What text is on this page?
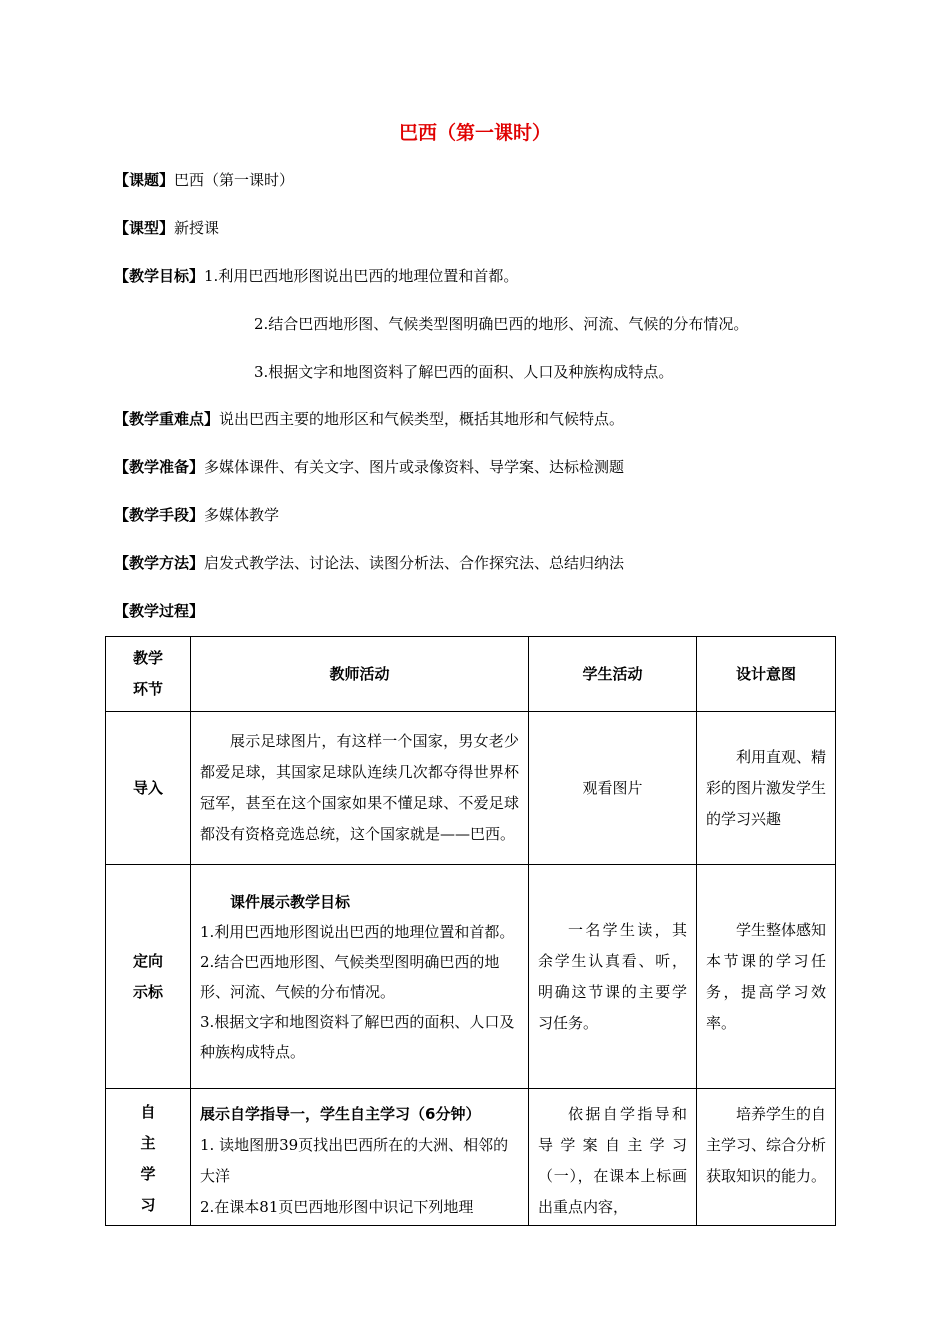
巴西（第一课时）
【课题】巴西（第一课时）
【课型】新授课
【教学目标】1.利用巴西地形图说出巴西的地理位置和首都。
2.结合巴西地形图、气候类型图明确巴西的地形、河流、气候的分布情况。
3.根据文字和地图资料了解巴西的面积、人口及种族构成特点。
【教学重难点】说出巴西主要的地形区和气候类型，概括其地形和气候特点。
【教学准备】多媒体课件、有关文字、图片或录像资料、导学案、达标检测题
【教学手段】多媒体教学
【教学方法】启发式教学法、讨论法、读图分析法、合作探究法、总结归纳法
【教学过程】
教学
环节	教师活动	学生活动	设计意图
导入	展示足球图片，有这样一个国家，男女老少都爱足球，其国家足球队连续几次都夺得世界杯冠军，甚至在这个国家如果不懂足球、不爱足球都没有资格竞选总统，这个国家就是——巴西。	观看图片	利用直观、精彩的图片激发学生的学习兴趣

定向
示标	课件展示教学目标
1.利用巴西地形图说出巴西的地理位置和首都。
2.结合巴西地形图、气候类型图明确巴西的地形、河流、气候的分布情况。
3.根据文字和地图资料了解巴西的面积、人口及种族构成特点。	一名学生读，其余学生认真看、听，明确这节课的主要学习任务。	学生整体感知本节课的学习任务，提高学习效率。

自
主
学
习	展示自学指导一，学生自主学习（6分钟）
1. 读地图册39页找出巴西所在的大洲、相邻的大洋
2.在课本81页巴西地形图中识记下列地理	依据自学指导和导学案自主学习（一），在课本上标画出重点内容，	培养学生的自主学习、综合分析获取知识的能力。
